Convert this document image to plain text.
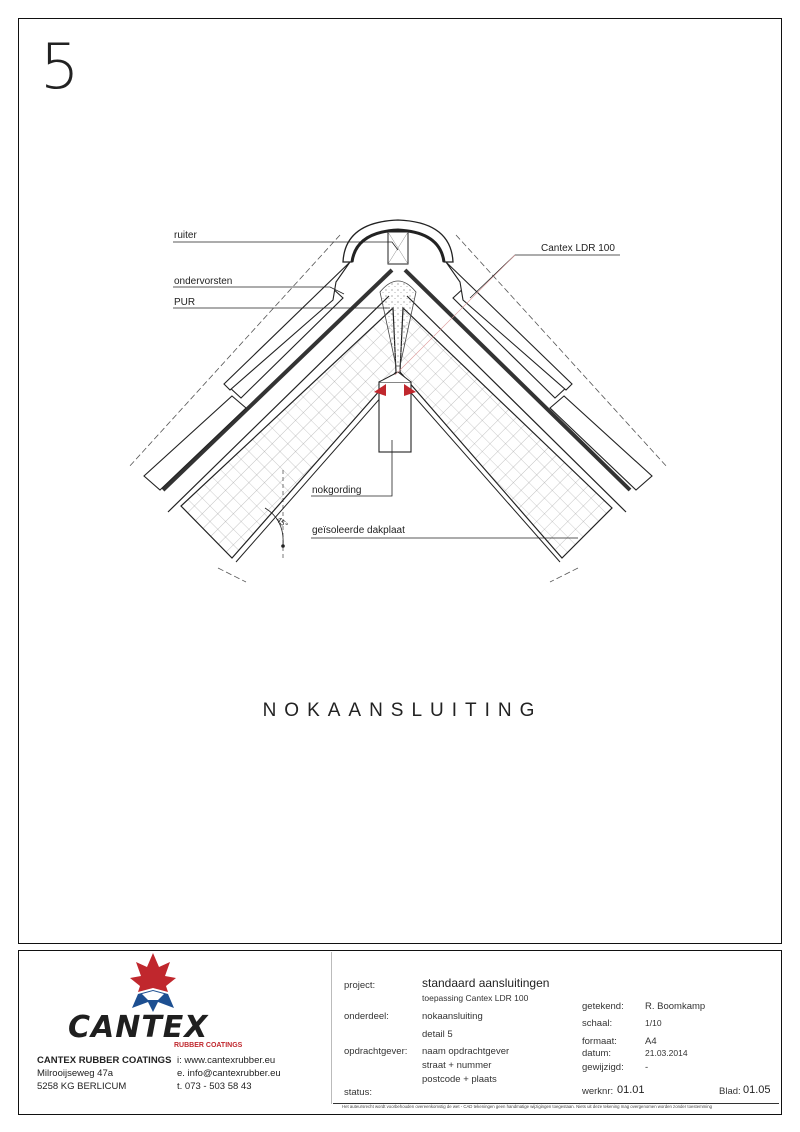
5
ruiter
ondervorsten
PUR
Cantex LDR 100
nokgording
geïsoleerde dakplaat
45°
NOKAANSLUITING
CANTEX
RUBBER COATINGS
CANTEX RUBBER COATINGS
Milrooijseweg 47a
5258 KG BERLICUM
i: www.cantexrubber.eu
e. info@cantexrubber.eu
t. 073 - 503 58 43
project:	standaard aansluitingen
toepassing Cantex LDR 100
onderdeel:	nokaansluiting
detail 5
opdrachtgever: naam opdrachtgever
straat + nummer
postcode + plaats
status:
getekend: R. Boomkamp
schaal:	1/10
formaat:	A4
datum:	21.03.2014
gewijzigd: -
werknr: 01.01	Blad: 01.05
Het auteursrecht wordt voorbehouden overeenkomstig de wet - CAD tekeningen geen handmatige wijzigingen toegestaan. Niets uit deze tekening mag overgenomen worden zonder toestemming
